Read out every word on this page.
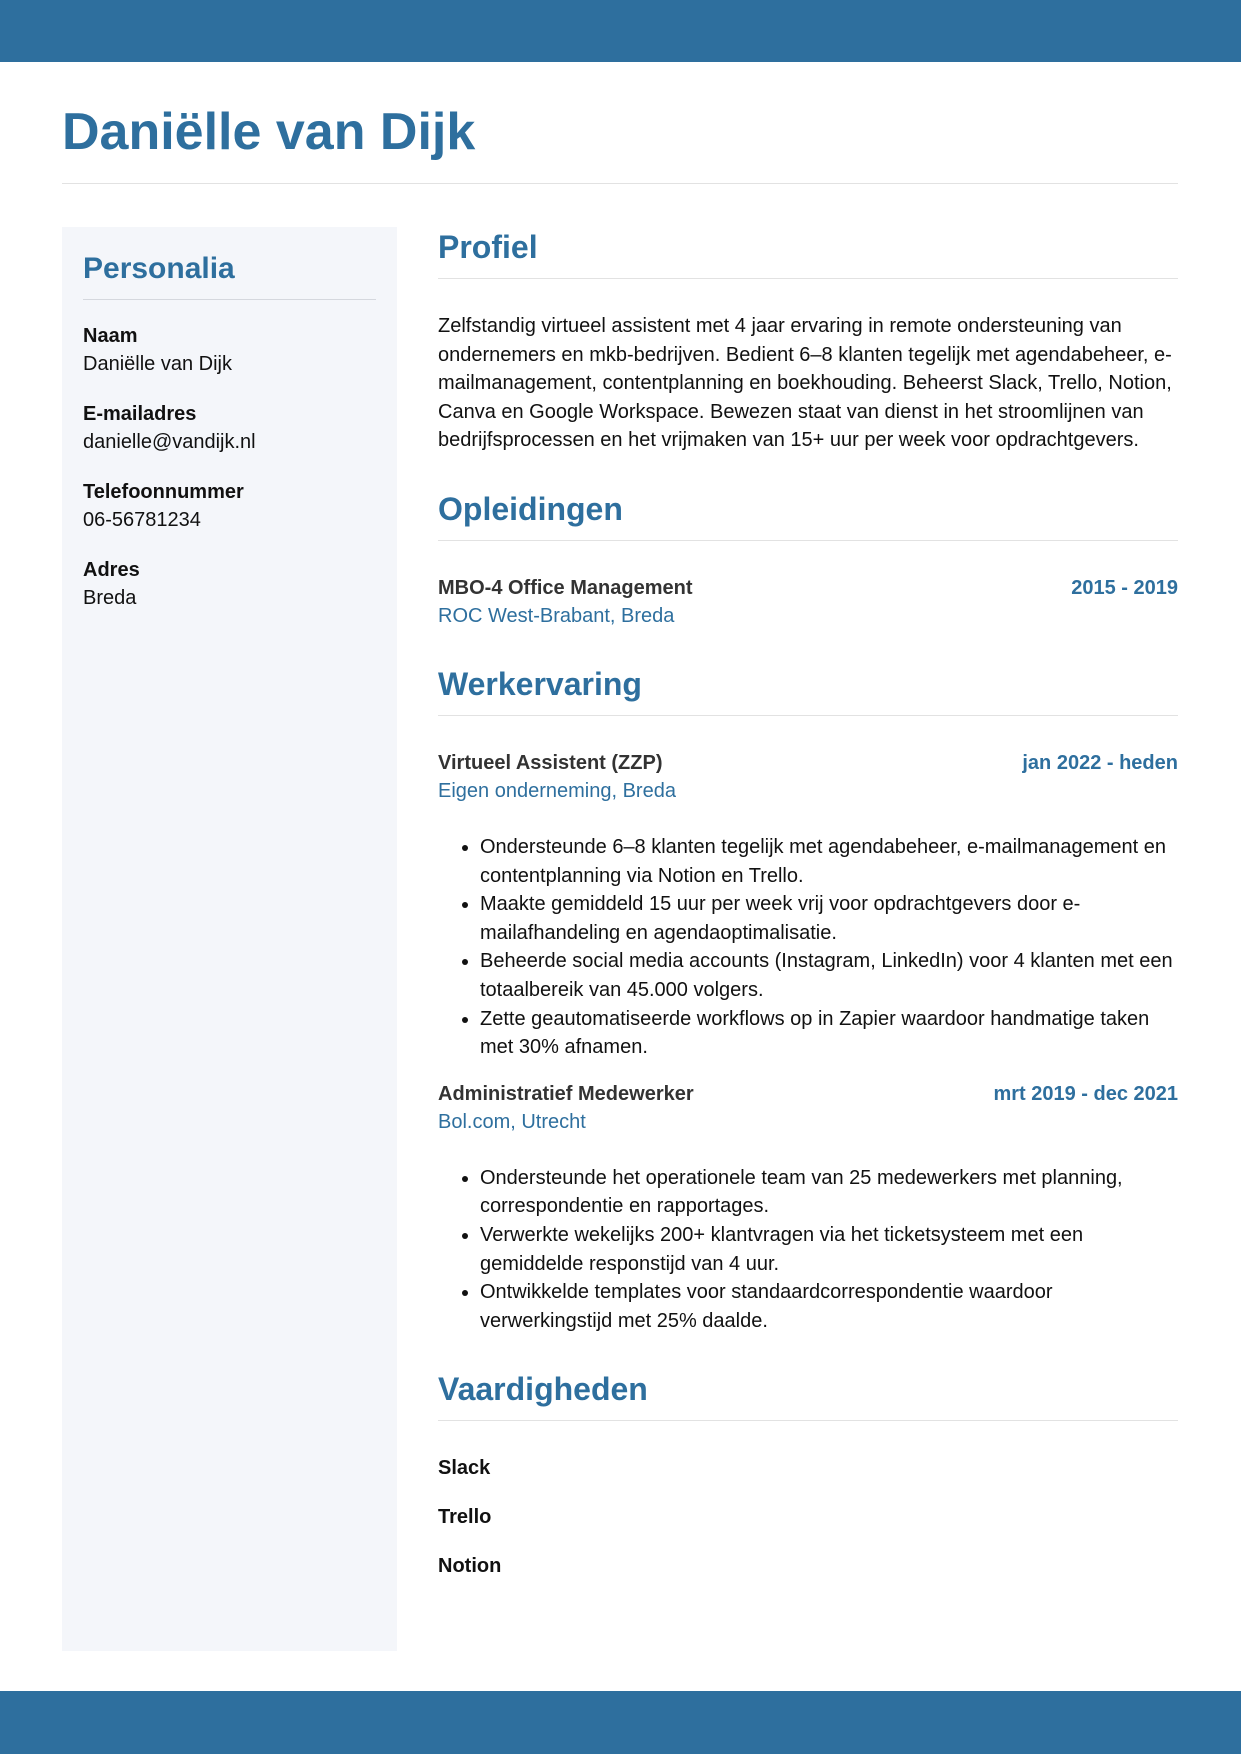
Daniëlle van Dijk
Personalia
Naam
Daniëlle van Dijk
E-mailadres
danielle@vandijk.nl
Telefoonnummer
06-56781234
Adres
Breda
Profiel

Zelfstandig virtueel assistent met 4 jaar ervaring in remote ondersteuning van ondernemers en mkb-bedrijven. Bedient 6–8 klanten tegelijk met agendabeheer, e-mailmanagement, contentplanning en boekhouding. Beheerst Slack, Trello, Notion, Canva en Google Workspace. Bewezen staat van dienst in het stroomlijnen van bedrijfsprocessen en het vrijmaken van 15+ uur per week voor opdrachtgevers.

Opleidingen
MBO-4 Office Management	2015 - 2019
ROC West-Brabant, Breda
Werkervaring
Virtueel Assistent (ZZP)	jan 2022 - heden
Eigen onderneming, Breda
• Ondersteunde 6–8 klanten tegelijk met agendabeheer, e-mailmanagement en contentplanning via Notion en Trello.
• Maakte gemiddeld 15 uur per week vrij voor opdrachtgevers door e-mailafhandeling en agendaoptimalisatie.
• Beheerde social media accounts (Instagram, LinkedIn) voor 4 klanten met een totaalbereik van 45.000 volgers.
• Zette geautomatiseerde workflows op in Zapier waardoor handmatige taken met 30% afnamen.
Administratief Medewerker	mrt 2019 - dec 2021
Bol.com, Utrecht
• Ondersteunde het operationele team van 25 medewerkers met planning, correspondentie en rapportages.
• Verwerkte wekelijks 200+ klantvragen via het ticketsysteem met een gemiddelde responstijd van 4 uur.
• Ontwikkelde templates voor standaardcorrespondentie waardoor verwerkingstijd met 25% daalde.
Vaardigheden
Slack
Trello
Notion
